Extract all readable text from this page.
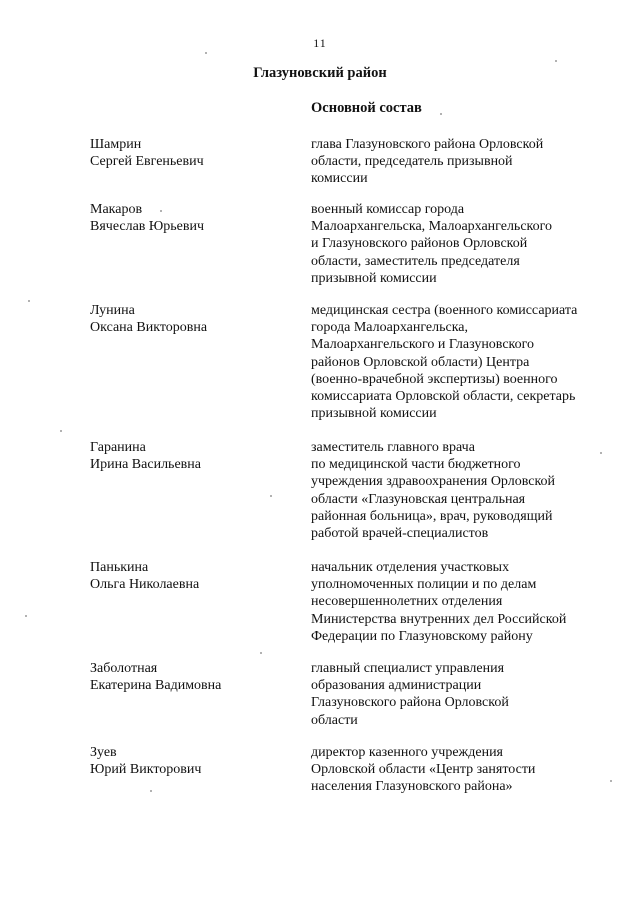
11
Глазуновский район
Основной состав
Шамрин
Сергей Евгеньевич
глава Глазуновского района Орловской
области, председатель призывной
комиссии
Макаров
Вячеслав Юрьевич
военный комиссар города
Малоархангельска, Малоархангельского
и Глазуновского районов Орловской
области, заместитель председателя
призывной комиссии
Лунина
Оксана Викторовна
медицинская сестра (военного комиссариата
города Малоархангельска,
Малоархангельского и Глазуновского
районов Орловской области) Центра
(военно-врачебной экспертизы) военного
комиссариата Орловской области, секретарь
призывной комиссии
Гаранина
Ирина Васильевна
заместитель главного врача
по медицинской части бюджетного
учреждения здравоохранения Орловской
области «Глазуновская центральная
районная больница», врач, руководящий
работой врачей-специалистов
Панькина
Ольга Николаевна
начальник отделения участковых
уполномоченных полиции и по делам
несовершеннолетних отделения
Министерства внутренних дел Российской
Федерации по Глазуновскому району
Заболотная
Екатерина Вадимовна
главный специалист управления
образования администрации
Глазуновского района Орловской
области
Зуев
Юрий Викторович
директор казенного учреждения
Орловской области «Центр занятости
населения Глазуновского района»
